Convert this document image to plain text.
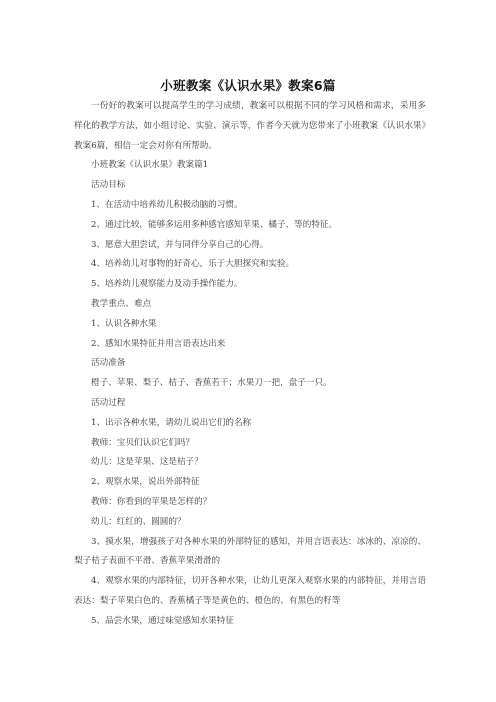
小班教案《认识水果》教案6篇

一份好的教案可以提高学生的学习成绩，教案可以根据不同的学习风格和需求，采用多样化的教学方法，如小组讨论、实验、演示等，作者今天就为您带来了小班教案《认识水果》教案6篇，相信一定会对你有所帮助。

小班教案《认识水果》教案篇1

活动目标

1、在活动中培养幼儿积极动脑的习惯。

2、通过比较，能够多运用多种感官感知苹果、橘子、等的特征。

3、愿意大胆尝试，并与同伴分享自己的心得。

4、培养幼儿对事物的好奇心，乐于大胆探究和实验。

5、培养幼儿观察能力及动手操作能力。

教学重点、难点

1、认识各种水果

2、感知水果特征并用言语表达出来

活动准备

橙子、苹果、梨子、桔子、香蕉若干；水果刀一把，盘子一只。

活动过程

1、出示各种水果，请幼儿说出它们的名称

教师：宝贝们认识它们吗？

幼儿：这是苹果、这是桔子？

2、观察水果，说出外部特征

教师：你看到的苹果是怎样的？

幼儿：红红的、圆圆的？

3、摸水果，增强孩子对各种水果的外部特征的感知，并用言语表达：冰冰的、凉凉的、梨子桔子表面不平滑、香蕉苹果滑滑的

4、观察水果的内部特征，切开各种水果，让幼儿更深入观察水果的内部特征，并用言语表达：梨子苹果白色的、香蕉橘子等是黄色的、橙色的、有黑色的籽等

5、品尝水果，通过味觉感知水果特征
